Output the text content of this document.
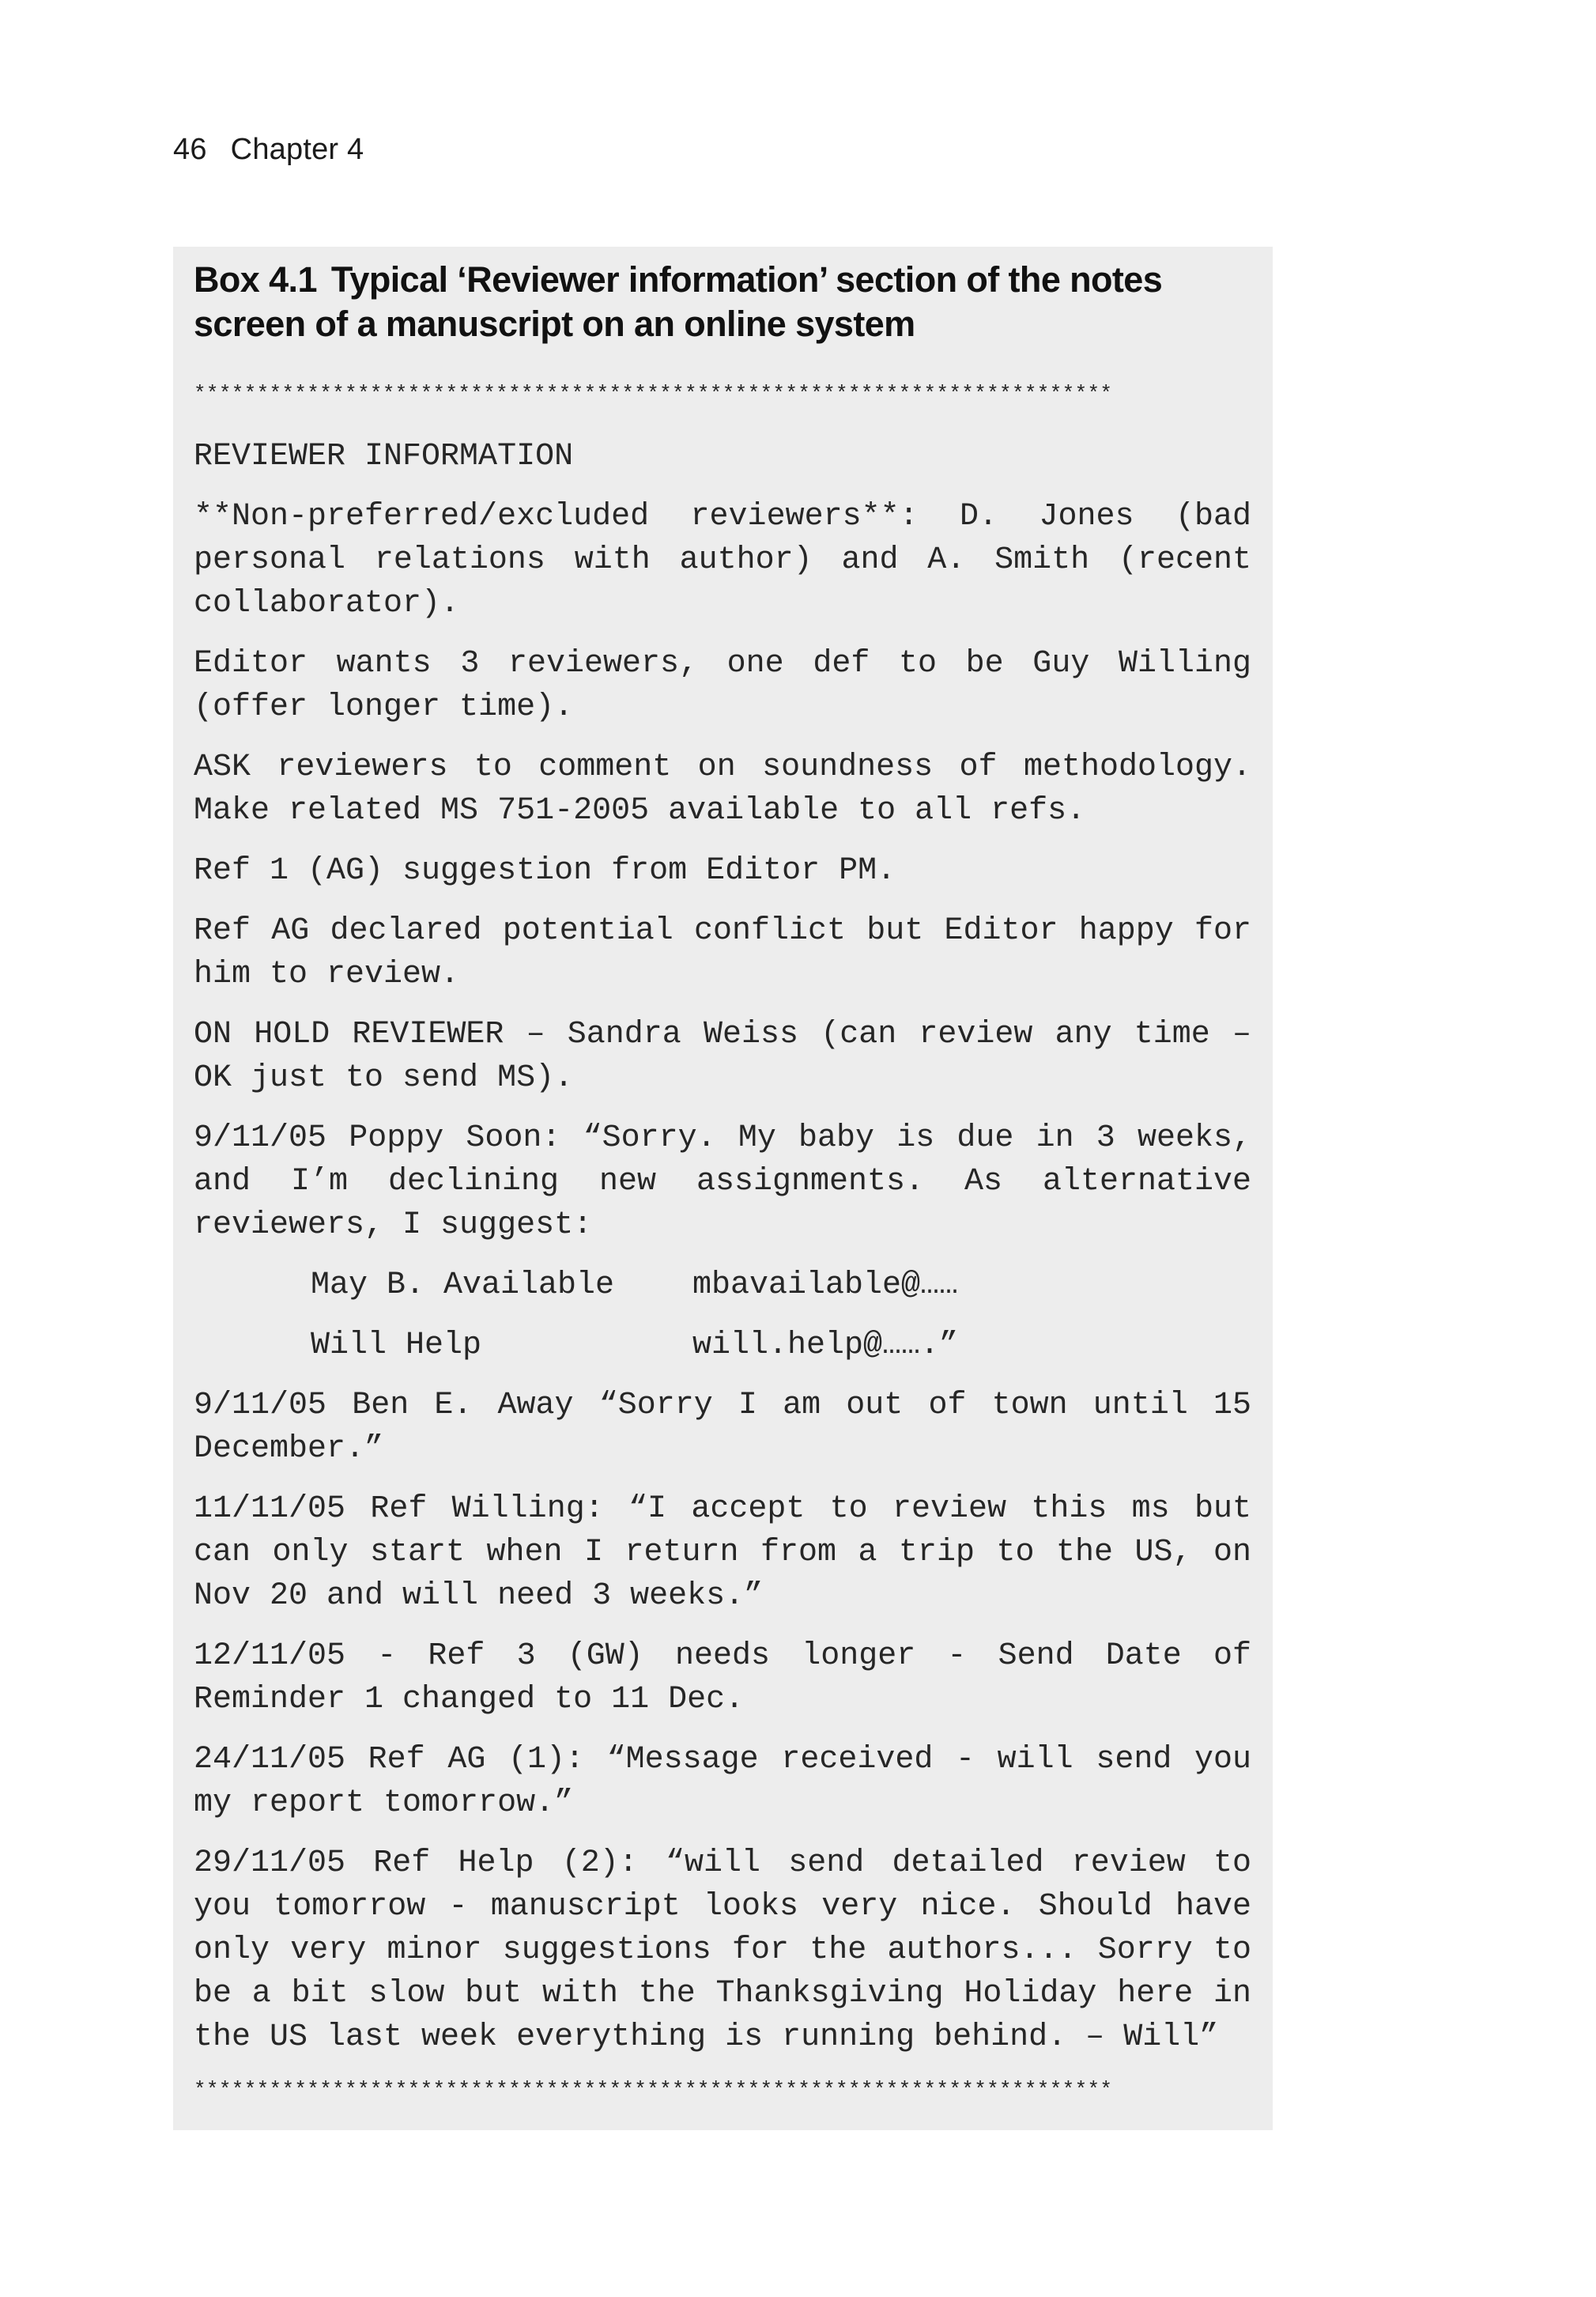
46 Chapter 4
Box 4.1 Typical ‘Reviewer information’ section of the notes screen of a manuscript on an online system
*************************************************************************

REVIEWER INFORMATION

**Non-preferred/excluded reviewers**: D. Jones (bad personal relations with author) and A. Smith (recent collaborator).

Editor wants 3 reviewers, one def to be Guy Willing (offer longer time).

ASK reviewers to comment on soundness of methodology. Make related MS 751-2005 available to all refs.

Ref 1 (AG) suggestion from Editor PM.

Ref AG declared potential conflict but Editor happy for him to review.

ON HOLD REVIEWER – Sandra Weiss (can review any time – OK just to send MS).

9/11/05 Poppy Soon: “Sorry. My baby is due in 3 weeks, and I’m declining new assignments. As alternative reviewers, I suggest:

May B. Available	mbavailable@……
Will Help	will.help@…….”

9/11/05 Ben E. Away “Sorry I am out of town until 15 December.”

11/11/05 Ref Willing: “I accept to review this ms but can only start when I return from a trip to the US, on Nov 20 and will need 3 weeks.”

12/11/05 - Ref 3 (GW) needs longer - Send Date of Reminder 1 changed to 11 Dec.

24/11/05 Ref AG (1): “Message received - will send you my report tomorrow.”

29/11/05 Ref Help (2): “will send detailed review to you tomorrow - manuscript looks very nice. Should have only very minor suggestions for the authors... Sorry to be a bit slow but with the Thanksgiving Holiday here in the US last week everything is running behind. – Will”

*************************************************************************
